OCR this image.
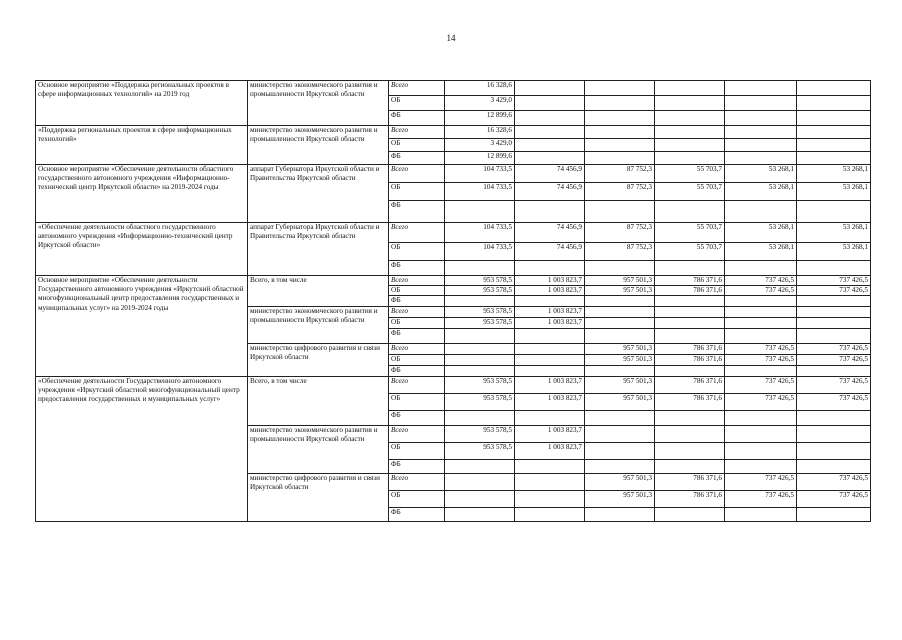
14
Основное мероприятие «Поддержка региональных проектов в сфере информационных технологий» на 2019 год	министерство экономического развития и промышленности Иркутской области	Всего	16 328,6					
		ОБ	3 429,0					
		ФБ	12 899,6					
«Поддержка региональных проектов в сфере информационных технологий»	министерство экономического развития и промышленности Иркутской области	Всего	16 328,6					
		ОБ	3 429,0					
		ФБ	12 899,6					
Основное мероприятие «Обеспечение деятельности областного государственного автономного учреждения «Информационно-технический центр Иркутской области» на 2019-2024 годы	аппарат Губернатора Иркутской области и Правительства Иркутской области	Всего	104 733,5	74 456,9	87 752,3	55 703,7	53 268,1	53 268,1
		ОБ	104 733,5	74 456,9	87 752,3	55 703,7	53 268,1	53 268,1
		ФБ						
«Обеспечение деятельности областного государственного автономного учреждения «Информационно-технический центр Иркутской области»	аппарат Губернатора Иркутской области и Правительства Иркутской области	Всего	104 733,5	74 456,9	87 752,3	55 703,7	53 268,1	53 268,1
		ОБ	104 733,5	74 456,9	87 752,3	55 703,7	53 268,1	53 268,1
		ФБ						
Основное мероприятие «Обеспечение деятельности Государственного автономного учреждения «Иркутский областной многофункциональный центр предоставления государственных и муниципальных услуг» на 2019-2024 годы	Всего, в том числе	Всего	953 578,5	1 003 823,7	957 501,3	786 371,6	737 426,5	737 426,5
		ОБ	953 578,5	1 003 823,7	957 501,3	786 371,6	737 426,5	737 426,5
		ФБ						
	министерство экономического развития и промышленности Иркутской области	Всего	953 578,5	1 003 823,7				
		ОБ	953 578,5	1 003 823,7				
		ФБ						
	министерство цифрового развития и связи Иркутской области	Всего			957 501,3	786 371,6	737 426,5	737 426,5
		ОБ			957 501,3	786 371,6	737 426,5	737 426,5
		ФБ						
«Обеспечение деятельности Государственного автономного учреждения «Иркутский областной многофункциональный центр предоставления государственных и муниципальных услуг»	Всего, в том числе	Всего	953 578,5	1 003 823,7	957 501,3	786 371,6	737 426,5	737 426,5
		ОБ	953 578,5	1 003 823,7	957 501,3	786 371,6	737 426,5	737 426,5
		ФБ						
	министерство экономического развития и промышленности Иркутской области	Всего	953 578,5	1 003 823,7				
		ОБ	953 578,5	1 003 823,7				
		ФБ						
	министерство цифрового развития и связи Иркутской области	Всего			957 501,3	786 371,6	737 426,5	737 426,5
		ОБ			957 501,3	786 371,6	737 426,5	737 426,5
		ФБ						
